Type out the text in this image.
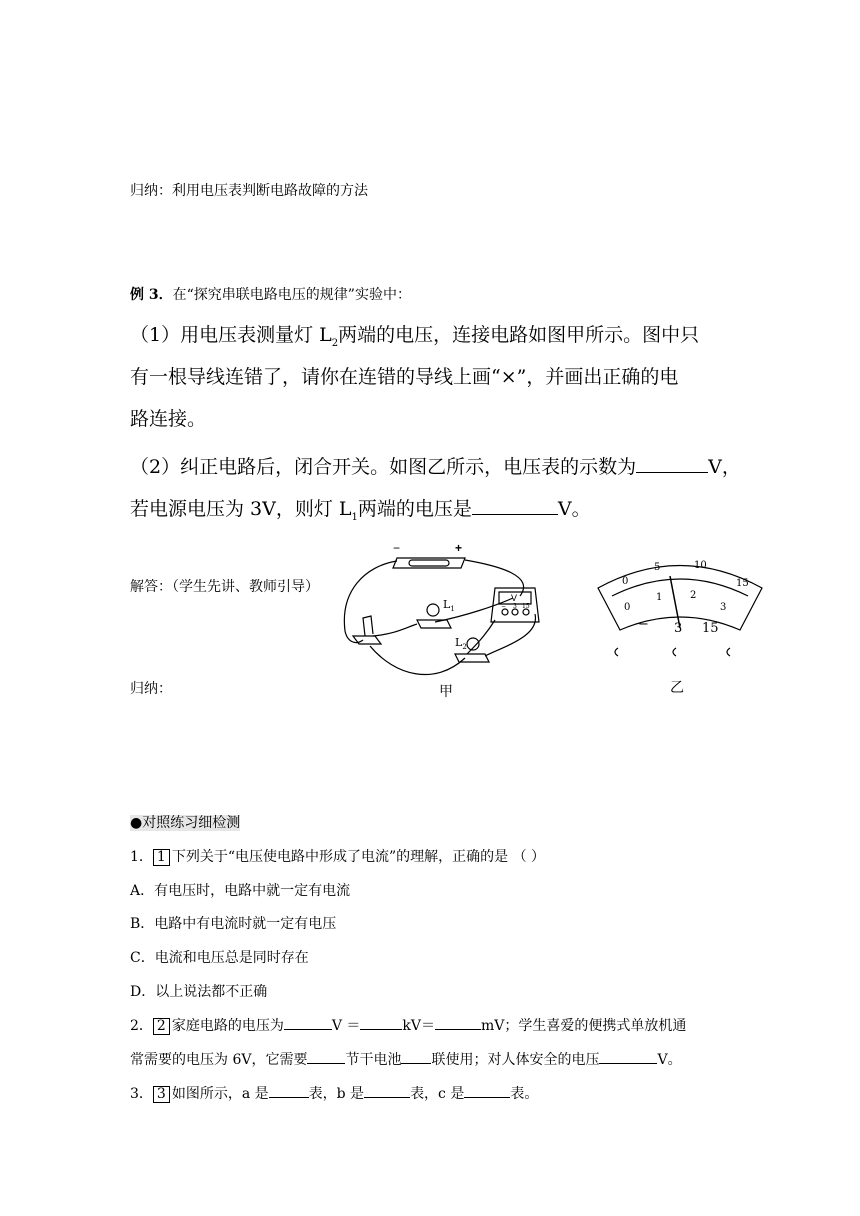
归纳：利用电压表判断电路故障的方法
例 3．在“探究串联电路电压的规律”实验中：
（1）用电压表测量灯 $L_2$两端的电压，连接电路如图甲所示。图中只
有一根导线连错了，请你在连错的导线上画“×”，并画出正确的电
路连接。
（2）纠正电路后，闭合开关。如图乙所示，电压表的示数为	V，
若电源电压为 3V，则灯 $L_1$两端的电压是	V。
解答：（学生先讲、教师引导）
归纳：
−	+
$L_1$
$L_2$
V
− 3 15
甲
0
5	10
15
0
1	2
3
− 3 15
乙
●对照练习细检测
1． 1 下列关于“电压使电路中形成了电流”的理解，正确的是 （ ）
A．有电压时，电路中就一定有电流
B．电路中有电流时就一定有电压
C．电流和电压总是同时存在
D．以上说法都不正确
2． 2 家庭电路的电压为	V ＝	kV＝	mV；学生喜爱的便携式单放机通
常需要的电压为 6V，它需要	节干电池 联使用；对人体安全的电压	V。
3． 3 如图所示，a 是	表，b 是	表，c 是	表。
